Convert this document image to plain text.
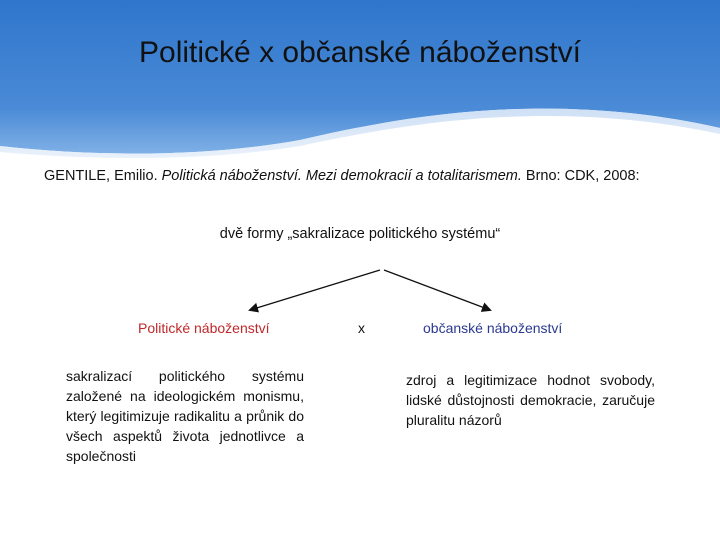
Politické x občanské náboženství
GENTILE, Emilio. Politická náboženství. Mezi demokracií a totalitarismem. Brno: CDK, 2008:
dvě formy „sakralizace politického systému“
Politické náboženství	x	občanské náboženství
sakralizací politického systému založené na ideologickém monismu, který legitimizuje radikalitu a průnik do všech aspektů života jednotlivce a společnosti
zdroj a legitimizace hodnot svobody, lidské důstojnosti demokracie, zaručuje pluralitu názorů
